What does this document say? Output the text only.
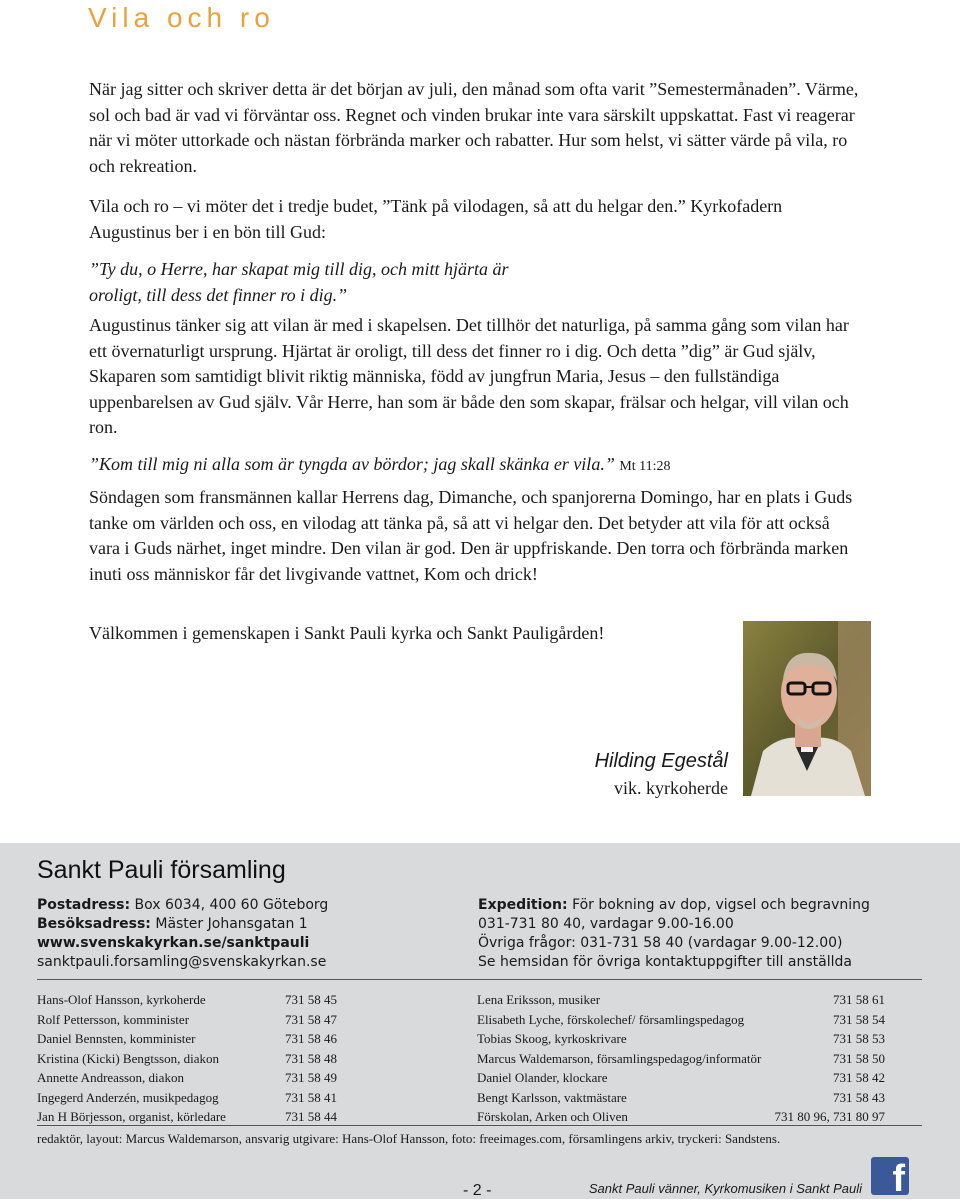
Vila och ro

När jag sitter och skriver detta är det början av juli, den månad som ofta varit ”Semestermånaden”. Värme, sol och bad är vad vi förväntar oss. Regnet och vinden brukar inte vara särskilt uppskattat. Fast vi reagerar när vi möter uttorkade och nästan förbrända marker och rabatter. Hur som helst, vi sätter värde på vila, ro och rekreation.

Vila och ro – vi möter det i tredje budet, ”Tänk på vilodagen, så att du helgar den.” Kyrkofadern Augustinus ber i en bön till Gud:

”Ty du, o Herre, har skapat mig till dig, och mitt hjärta är oroligt, till dess det finner ro i dig.”

Augustinus tänker sig att vilan är med i skapelsen. Det tillhör det naturliga, på samma gång som vilan har ett övernaturligt ursprung. Hjärtat är oroligt, till dess det finner ro i dig. Och detta ”dig” är Gud själv, Skaparen som samtidigt blivit riktig människa, född av jungfrun Maria, Jesus – den fullständiga uppenbarelsen av Gud själv. Vår Herre, han som är både den som skapar, frälsar och helgar, vill vilan och ron.

”Kom till mig ni alla som är tyngda av bördor; jag skall skänka er vila.” Mt 11:28

Söndagen som fransmännen kallar Herrens dag, Dimanche, och spanjorerna Domingo, har en plats i Guds tanke om världen och oss, en vilodag att tänka på, så att vi helgar den. Det betyder att vila för att också vara i Guds närhet, inget mindre. Den vilan är god. Den är uppfriskande. Den torra och förbrända marken inuti oss människor får det livgivande vattnet, Kom och drick!

Välkommen i gemenskapen i Sankt Pauli kyrka och Sankt Pauligården!
Hilding Egestål
vik. kyrkoherde
Sankt Pauli församling
Postadress: Box 6034, 400 60 Göteborg
Besöksadress: Mäster Johansgatan 1
www.svenskakyrkan.se/sanktpauli
sanktpauli.forsamling@svenskakyrkan.se
Expedition: För bokning av dop, vigsel och begravning
031-731 80 40, vardagar 9.00-16.00
Övriga frågor: 031-731 58 40 (vardagar 9.00-12.00)
Se hemsidan för övriga kontaktuppgifter till anställda
Hans-Olof Hansson, kyrkoherde	731 58 45
Rolf Pettersson, komminister	731 58 47
Daniel Bennsten, komminister	731 58 46
Kristina (Kicki) Bengtsson, diakon	731 58 48
Annette Andreasson, diakon	731 58 49
Ingegerd Anderzén, musikpedagog	731 58 41
Jan H Börjesson, organist, körledare	731 58 44
Lena Eriksson, musiker	731 58 61
Elisabeth Lyche, förskolechef/ församlingspedagog	731 58 54
Tobias Skoog, kyrkoskrivare	731 58 53
Marcus Waldemarson, församlingspedagog/informatör	731 58 50
Daniel Olander, klockare	731 58 42
Bengt Karlsson, vaktmästare	731 58 43
Förskolan, Arken och Oliven	731 80 96, 731 80 97
redaktör, layout: Marcus Waldemarson, ansvarig utgivare: Hans-Olof Hansson, foto: freeimages.com, församlingens arkiv, tryckeri: Sandstens.
- 2 -	Sankt Pauli vänner, Kyrkomusiken i Sankt Pauli f
